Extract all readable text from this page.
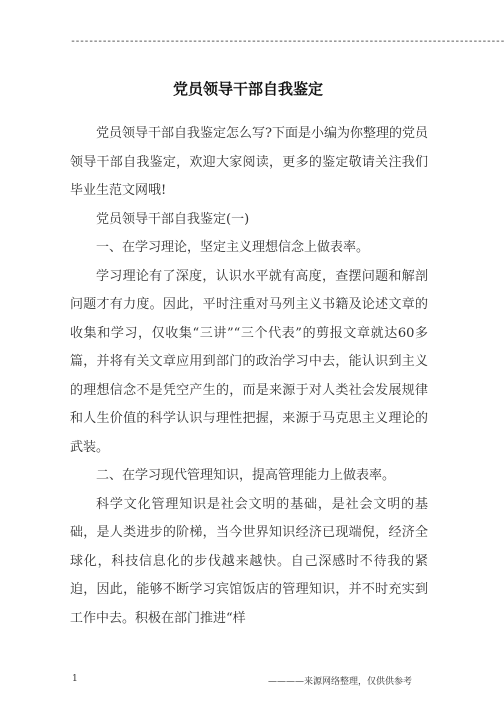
------------------------------------------------------------------------------------------------
党员领导干部自我鉴定

党员领导干部自我鉴定怎么写?下面是小编为你整理的党员领导干部自我鉴定，欢迎大家阅读，更多的鉴定敬请关注我们毕业生范文网哦!

党员领导干部自我鉴定(一)

一、在学习理论，坚定主义理想信念上做表率。

学习理论有了深度，认识水平就有高度，查摆问题和解剖问题才有力度。因此，平时注重对马列主义书籍及论述文章的收集和学习，仅收集“三讲”“三个代表”的剪报文章就达60多篇，并将有关文章应用到部门的政治学习中去，能认识到主义的理想信念不是凭空产生的，而是来源于对人类社会发展规律和人生价值的科学认识与理性把握，来源于马克思主义理论的武装。

二、在学习现代管理知识，提高管理能力上做表率。

科学文化管理知识是社会文明的基础，是社会文明的基础，是人类进步的阶梯，当今世界知识经济已现端倪，经济全球化，科技信息化的步伐越来越快。自己深感时不待我的紧迫，因此，能够不断学习宾馆饭店的管理知识，并不时充实到工作中去。积极在部门推进“样

1	————来源网络整理，仅供供参考
